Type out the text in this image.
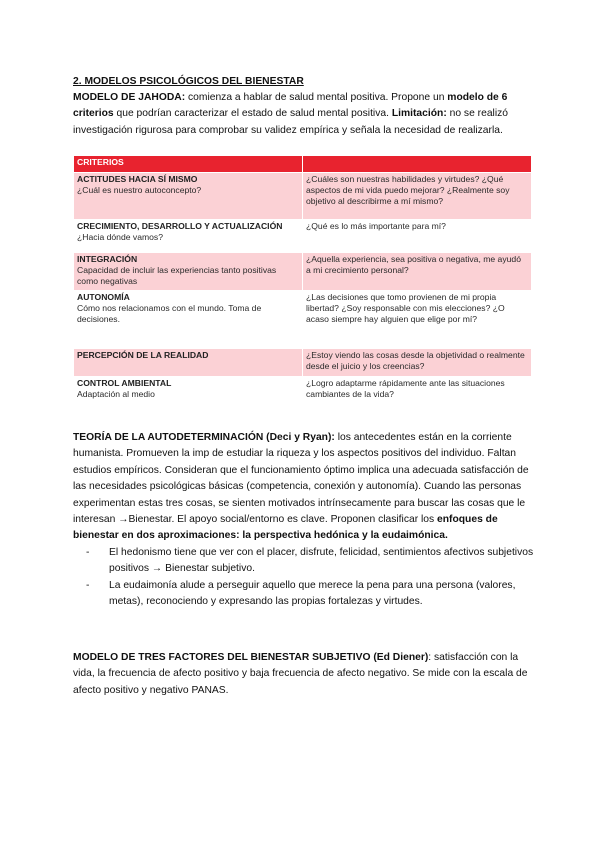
2. MODELOS PSICOLÓGICOS DEL BIENESTAR

MODELO DE JAHODA: comienza a hablar de salud mental positiva. Propone un modelo de 6 criterios que podrían caracterizar el estado de salud mental positiva. Limitación: no se realizó investigación rigurosa para comprobar su validez empírica y señala la necesidad de realizarla.

CRITERIOS	

ACTITUDES HACIA SÍ MISMO
¿Cuál es nuestro autoconcepto?	¿Cuáles son nuestras habilidades y virtudes? ¿Qué aspectos de mi vida puedo mejorar? ¿Realmente soy objetivo al describirme a mí mismo?

CRECIMIENTO, DESARROLLO Y ACTUALIZACIÓN
¿Hacia dónde vamos?	¿Qué es lo más importante para mí?

INTEGRACIÓN
Capacidad de incluir las experiencias tanto positivas como negativas	¿Aquella experiencia, sea positiva o negativa, me ayudó a mi crecimiento personal?

AUTONOMÍA
Cómo nos relacionamos con el mundo. Toma de decisiones.	¿Las decisiones que tomo provienen de mi propia libertad? ¿Soy responsable con mis elecciones? ¿O acaso siempre hay alguien que elige por mí?

PERCEPCIÓN DE LA REALIDAD	¿Estoy viendo las cosas desde la objetividad o realmente desde el juicio y los creencias?

CONTROL AMBIENTAL
Adaptación al medio	¿Logro adaptarme rápidamente ante las situaciones cambiantes de la vida?

TEORÍA DE LA AUTODETERMINACIÓN (Deci y Ryan): los antecedentes están en la corriente humanista. Promueven la imp de estudiar la riqueza y los aspectos positivos del individuo. Faltan estudios empíricos. Consideran que el funcionamiento óptimo implica una adecuada satisfacción de las necesidades psicológicas básicas (competencia, conexión y autonomía). Cuando las personas experimentan estas tres cosas, se sienten motivados intrínsecamente para buscar las cosas que le interesan →Bienestar. El apoyo social/entorno es clave. Proponen clasificar los enfoques de bienestar en dos aproximaciones: la perspectiva hedónica y la eudaimónica.

- El hedonismo tiene que ver con el placer, disfrute, felicidad, sentimientos afectivos subjetivos positivos → Bienestar subjetivo.
- La eudaimonía alude a perseguir aquello que merece la pena para una persona (valores, metas), reconociendo y expresando las propias fortalezas y virtudes.

MODELO DE TRES FACTORES DEL BIENESTAR SUBJETIVO (Ed Diener): satisfacción con la vida, la frecuencia de afecto positivo y baja frecuencia de afecto negativo. Se mide con la escala de afecto positivo y negativo PANAS.
